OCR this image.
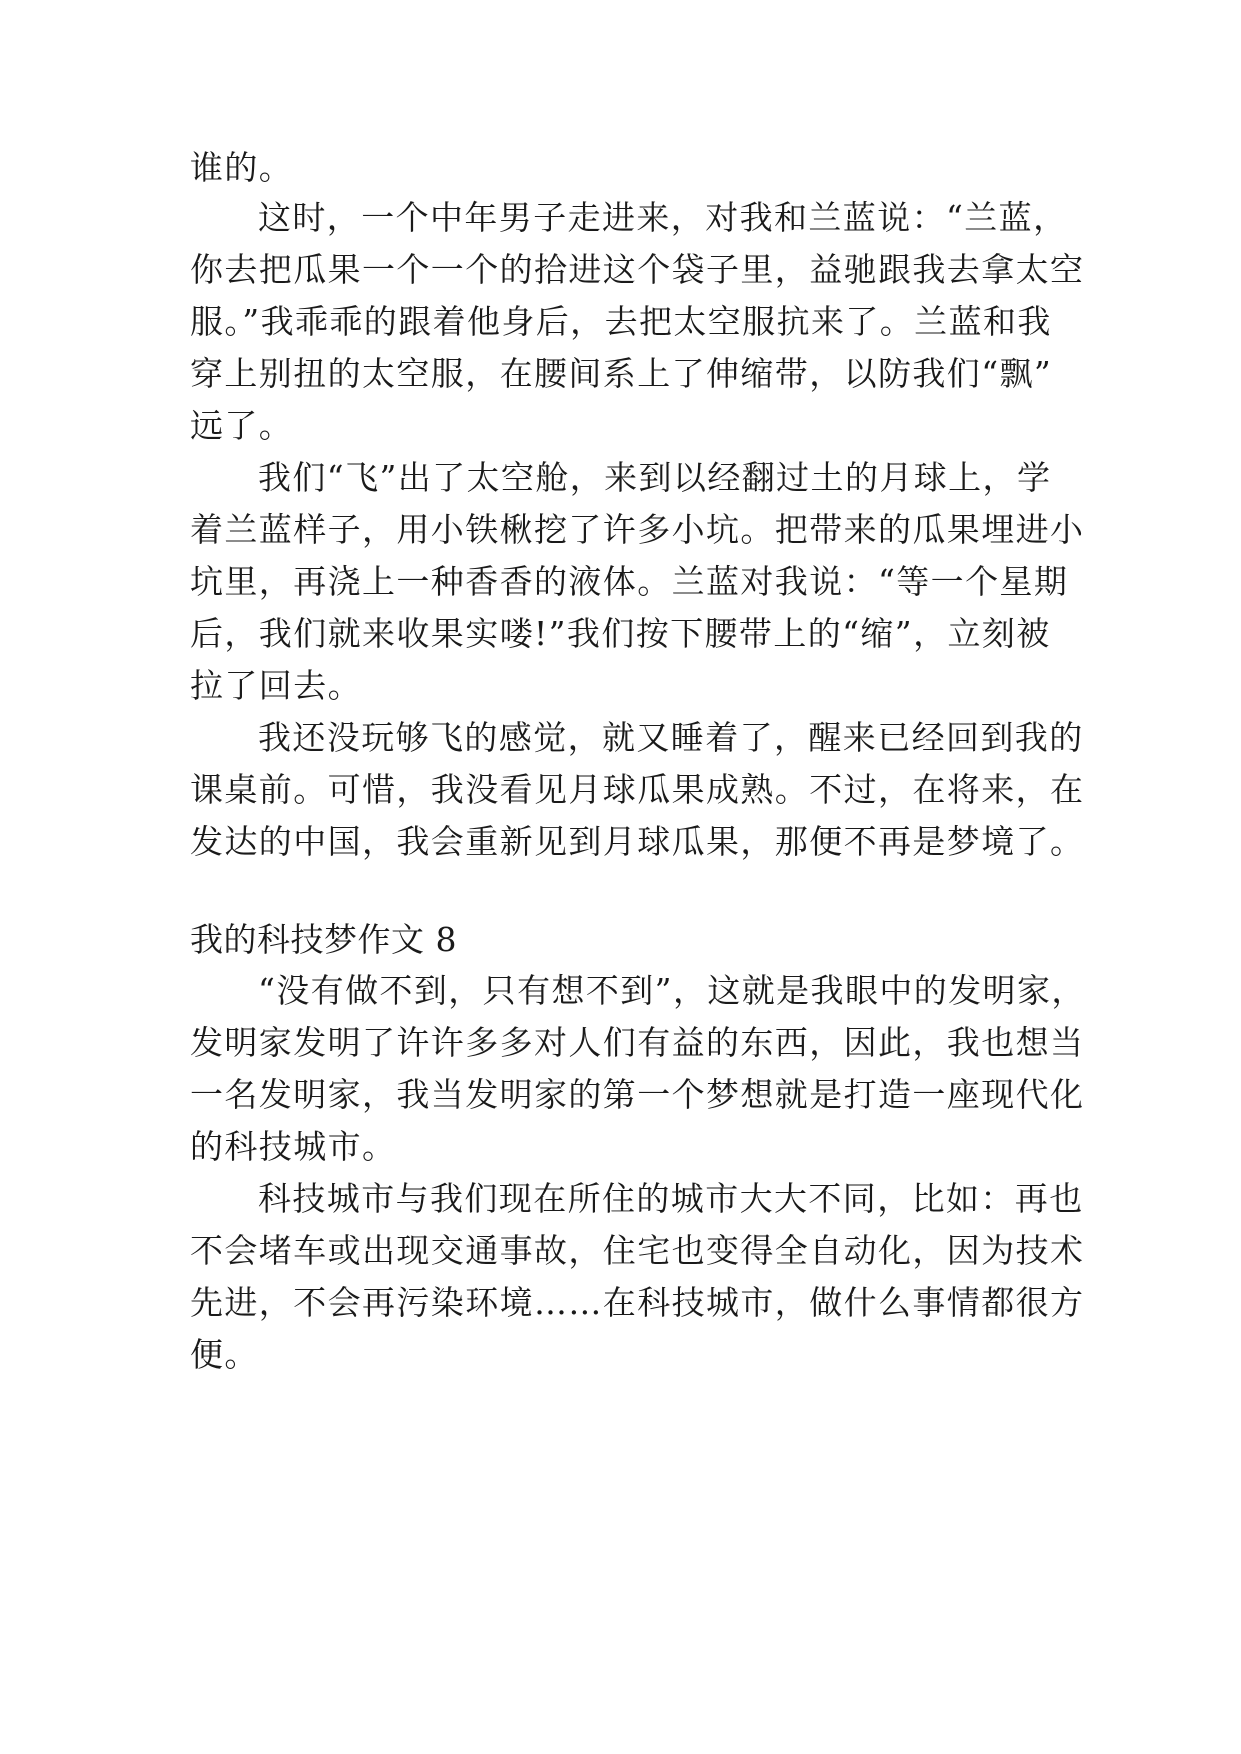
谁的。

这时，一个中年男子走进来，对我和兰蓝说：“兰蓝，

你去把瓜果一个一个的拾进这个袋子里，益驰跟我去拿太空

服。”我乖乖的跟着他身后，去把太空服抗来了。兰蓝和我

穿上别扭的太空服，在腰间系上了伸缩带，以防我们“飘”

远了。

我们“飞”出了太空舱，来到以经翻过土的月球上，学

着兰蓝样子，用小铁楸挖了许多小坑。把带来的瓜果埋进小

坑里，再浇上一种香香的液体。兰蓝对我说：“等一个星期

后，我们就来收果实喽!”我们按下腰带上的“缩”，立刻被

拉了回去。

我还没玩够飞的感觉，就又睡着了，醒来已经回到我的

课桌前。可惜，我没看见月球瓜果成熟。不过，在将来，在

发达的中国，我会重新见到月球瓜果，那便不再是梦境了。

我的科技梦作文 8

“没有做不到，只有想不到”，这就是我眼中的发明家，

发明家发明了许许多多对人们有益的东西，因此，我也想当

一名发明家，我当发明家的第一个梦想就是打造一座现代化

的科技城市。

科技城市与我们现在所住的城市大大不同，比如：再也

不会堵车或出现交通事故，住宅也变得全自动化，因为技术

先进，不会再污染环境……在科技城市，做什么事情都很方

便。
